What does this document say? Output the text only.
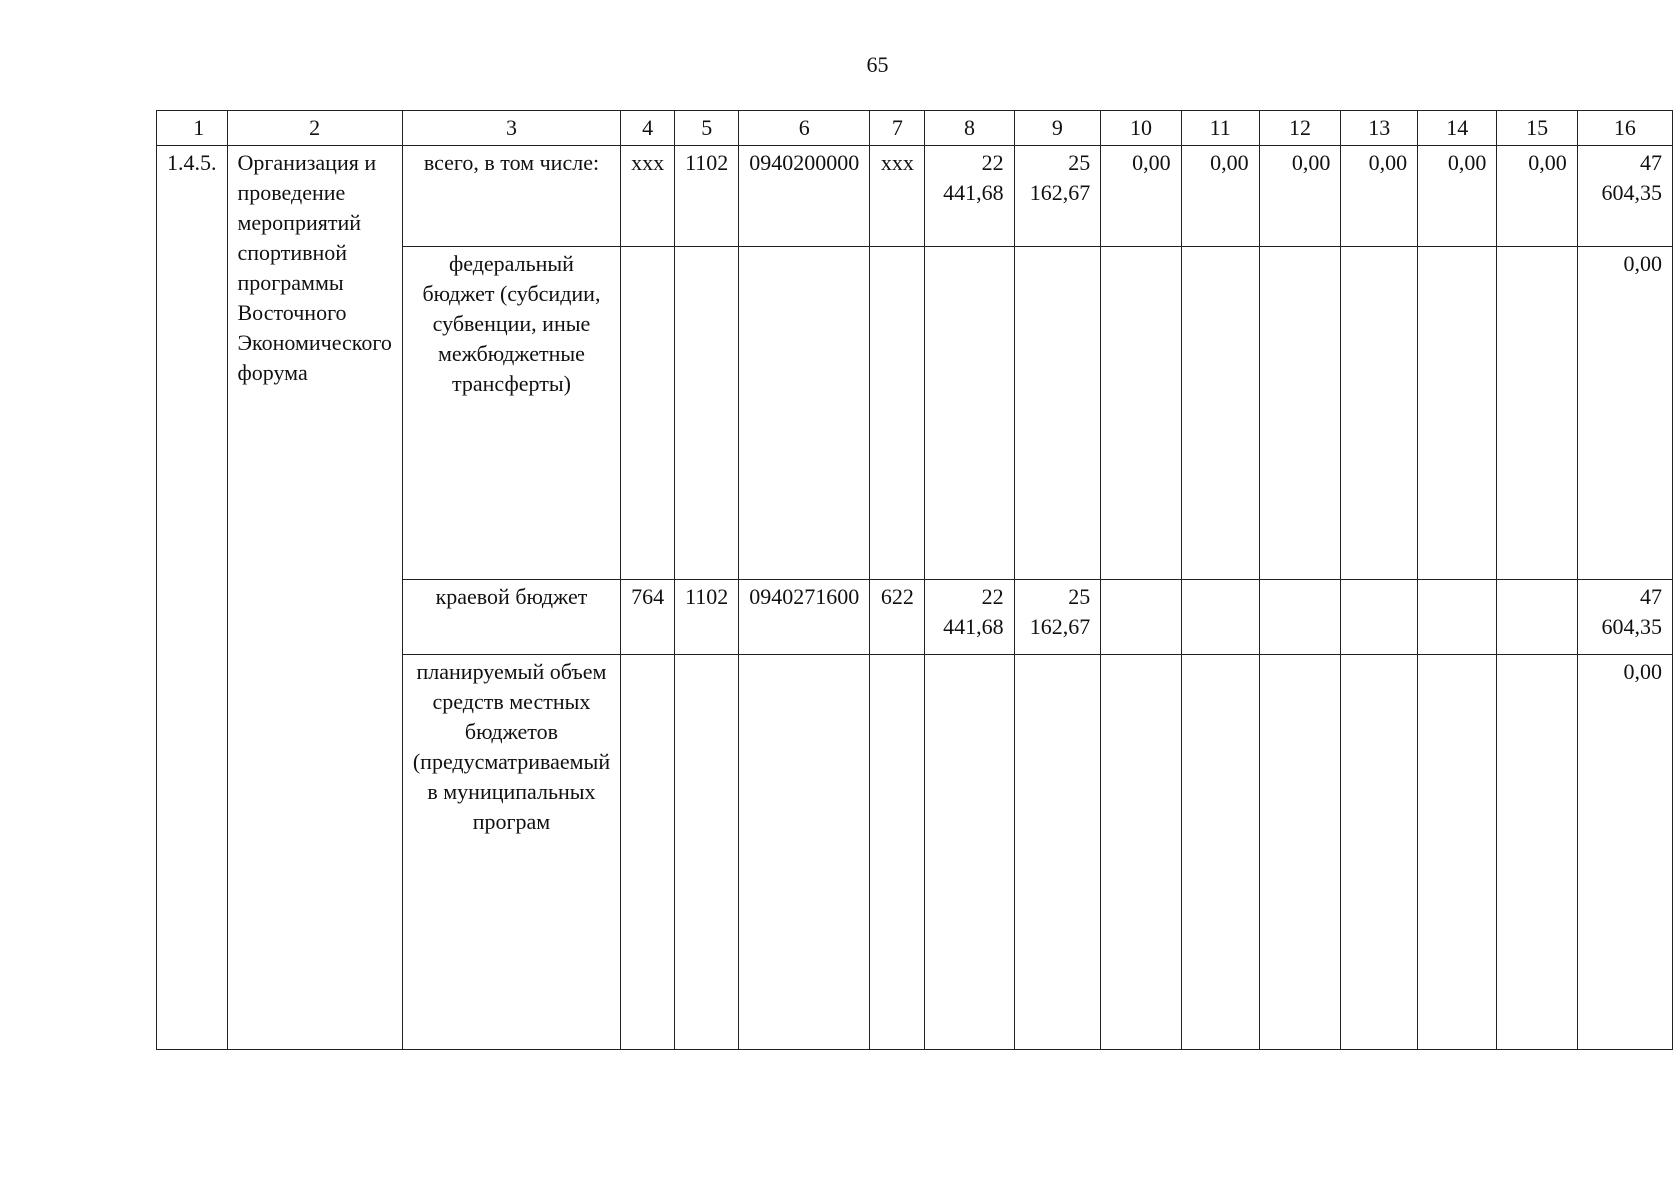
65
1	2	3	4	5	6	7	8	9	10	11	12	13	14	15	16
1.4.5.	Организация и проведение мероприятий спортивной программы Восточного Экономического форума	всего, в том числе:	ххх	1102	0940200000	ххх	22 441,68	25 162,67	0,00	0,00	0,00	0,00	0,00	0,00	47 604,35
		федеральный бюджет (субсидии, субвенции, иные межбюджетные трансферты)													0,00
		краевой бюджет	764	1102	0940271600	622	22 441,68	25 162,67							47 604,35
		планируемый объем средств местных бюджетов (предусматриваемый в муниципальных програм													0,00
